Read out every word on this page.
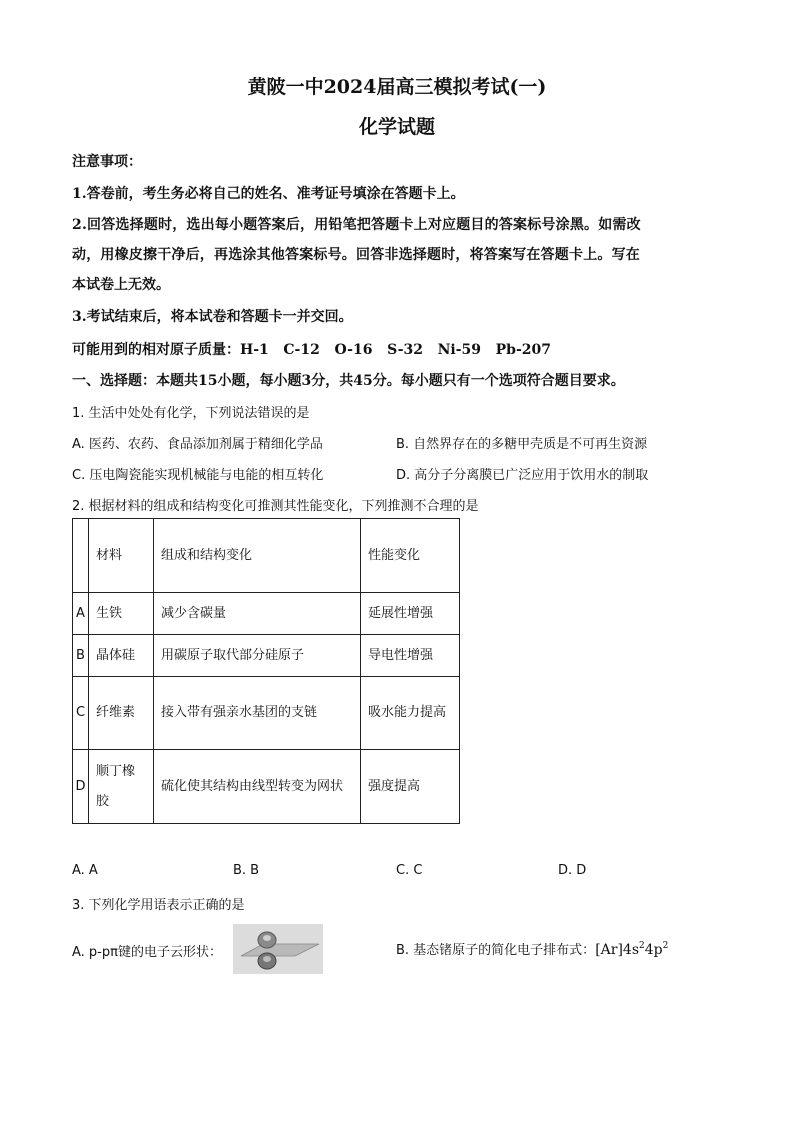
黄陂一中2024届高三模拟考试(一)
化学试题
注意事项：
1.答卷前，考生务必将自己的姓名、准考证号填涂在答题卡上。
2.回答选择题时，选出每小题答案后，用铅笔把答题卡上对应题目的答案标号涂黑。如需改
动，用橡皮擦干净后，再选涂其他答案标号。回答非选择题时，将答案写在答题卡上。写在
本试卷上无效。
3.考试结束后，将本试卷和答题卡一并交回。
可能用到的相对原子质量：H-1   C-12   O-16   S-32   Ni-59   Pb-207
一、选择题：本题共15小题，每小题3分，共45分。每小题只有一个选项符合题目要求。
1. 生活中处处有化学，下列说法错误的是
A. 医药、农药、食品添加剂属于精细化学品	B. 自然界存在的多糖甲壳质是不可再生资源
C. 压电陶瓷能实现机械能与电能的相互转化	D. 高分子分离膜已广泛应用于饮用水的制取
2. 根据材料的组成和结构变化可推测其性能变化，下列推测不合理的是
	材料	组成和结构变化	性能变化
A	生铁	减少含碳量	延展性增强
B	晶体硅	用碳原子取代部分硅原子	导电性增强
C	纤维素	接入带有强亲水基团的支链	吸水能力提高
D	顺丁橡胶	硫化使其结构由线型转变为网状	强度提高
A. A	B. B	C. C	D. D
3. 下列化学用语表示正确的是
A. p-pπ键的电子云形状：	B. 基态锗原子的简化电子排布式：$[Ar]4s^24p^2$
